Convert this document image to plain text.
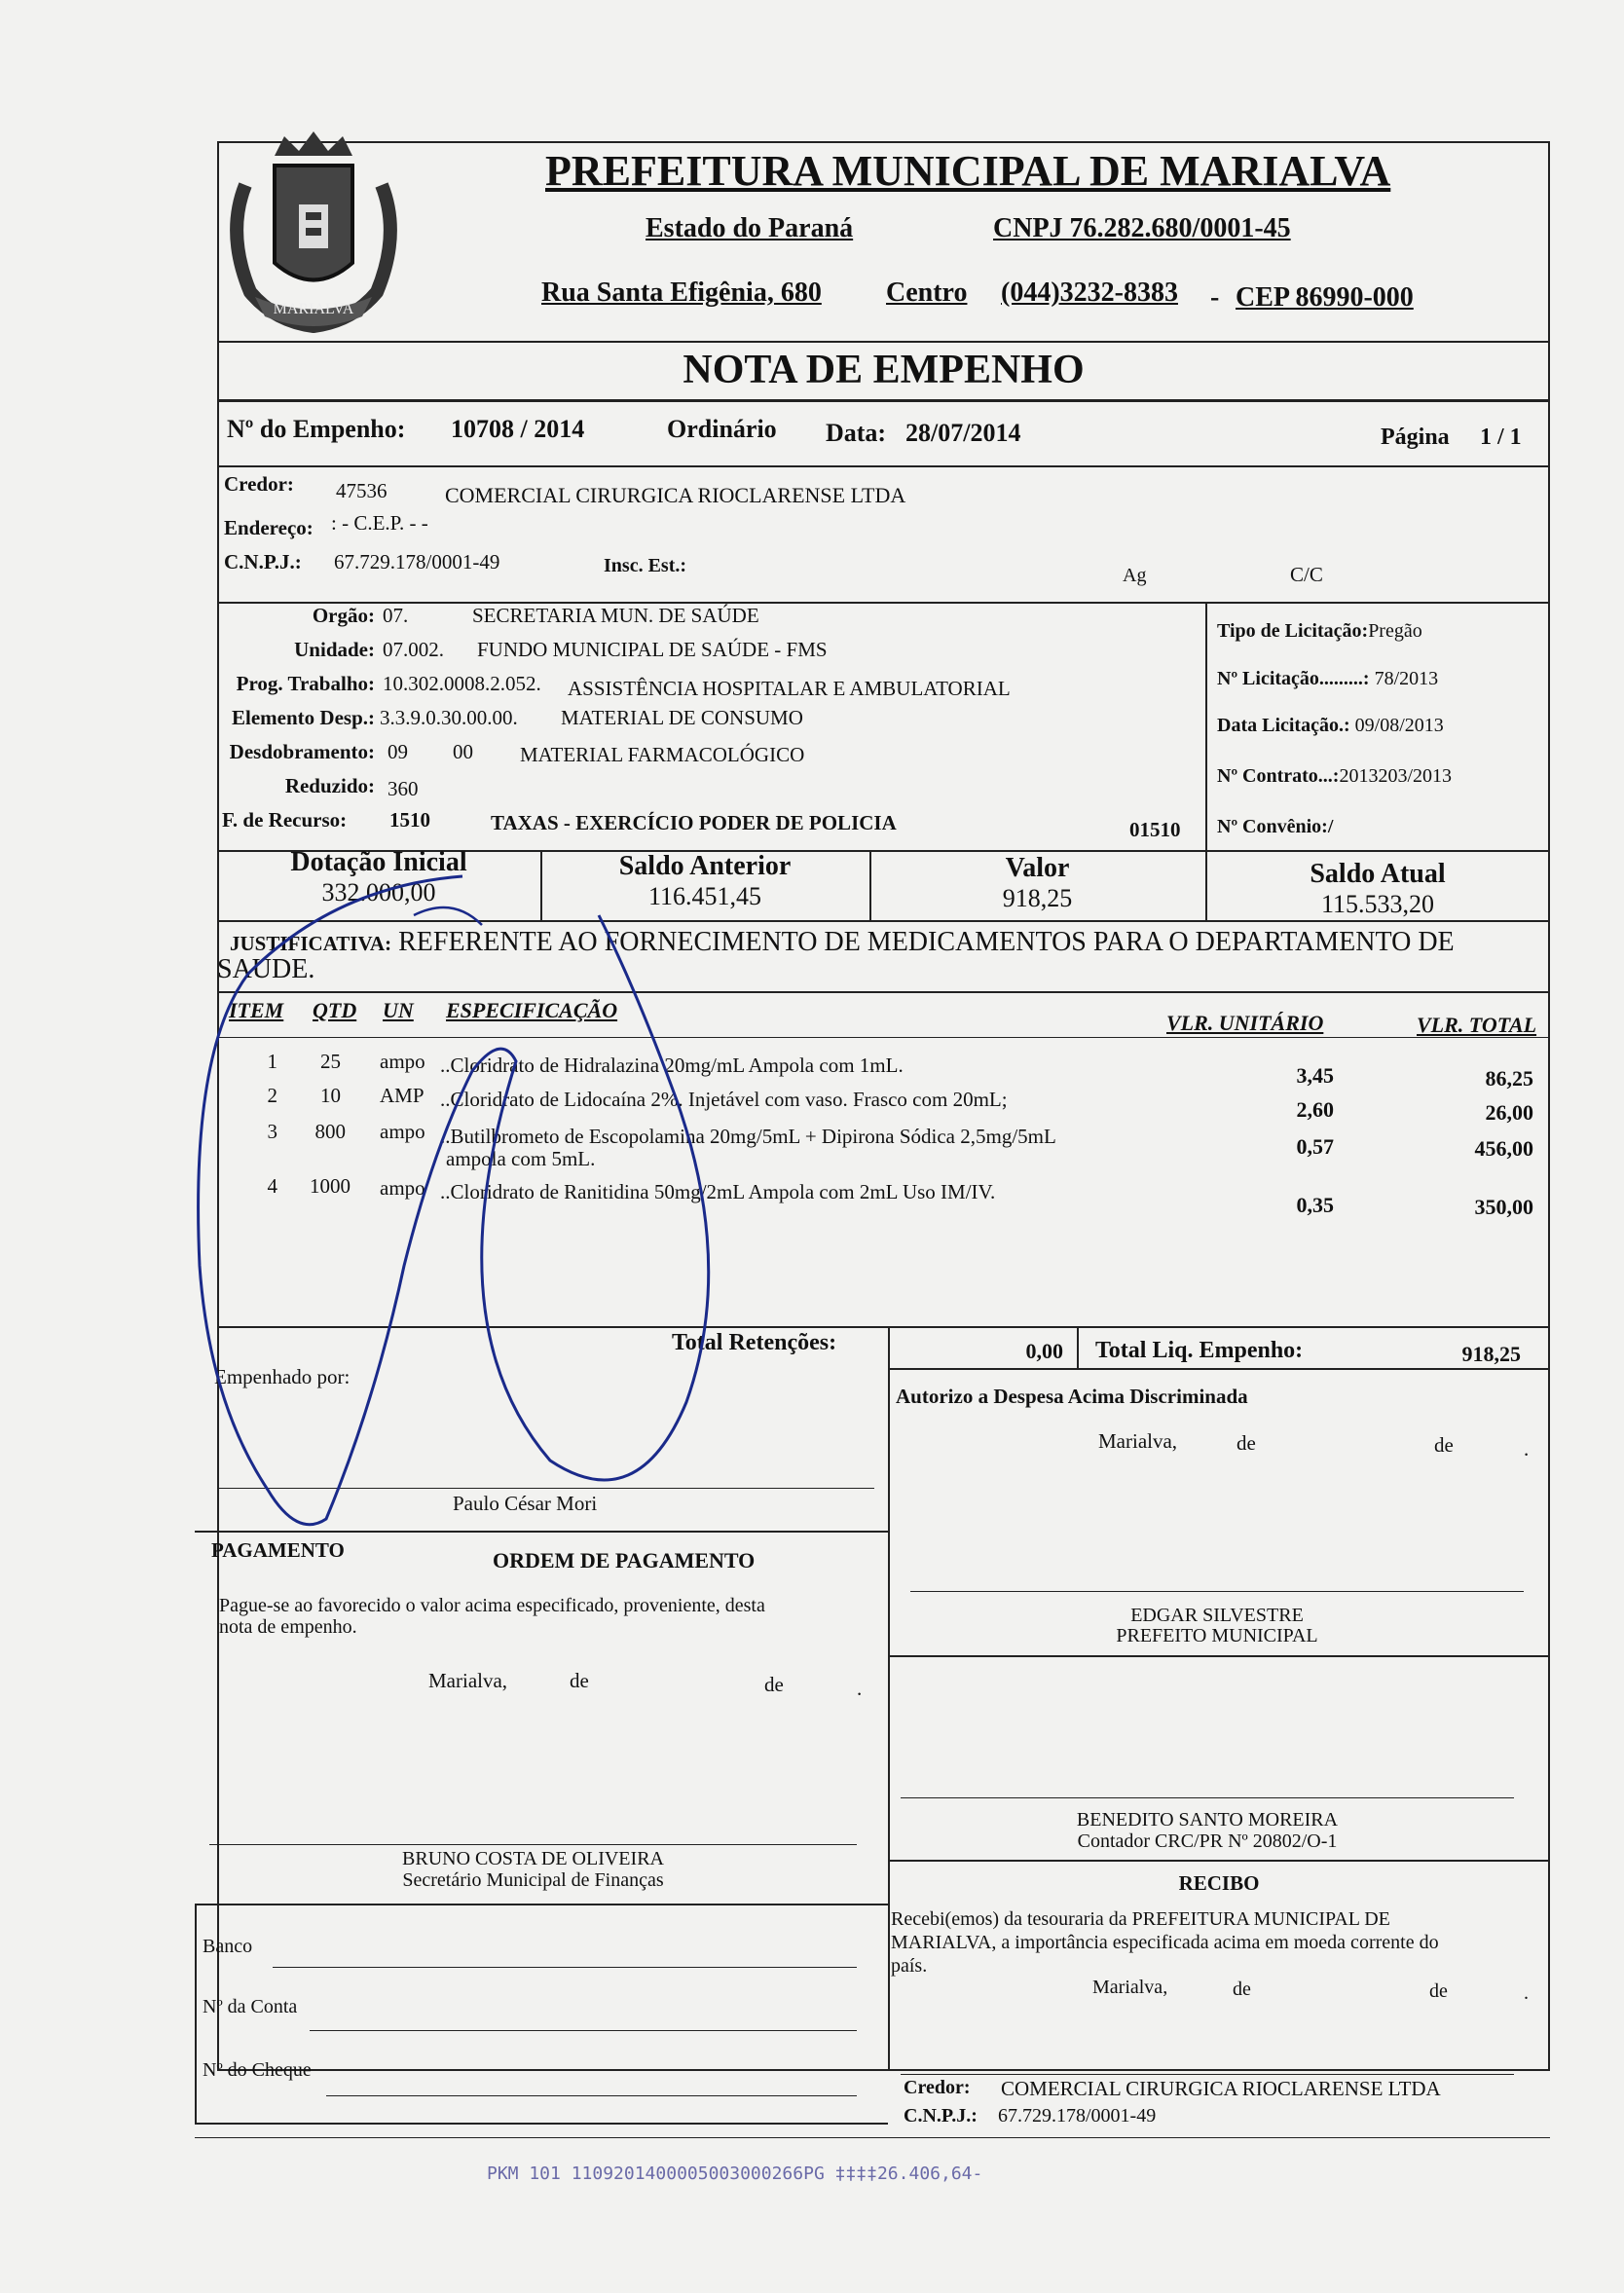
MARIALVA
PREFEITURA MUNICIPAL DE MARIALVA
Estado do Paraná	CNPJ 76.282.680/0001-45
Rua Santa Efigênia, 680 Centro (044)3232-8383 - CEP 86990-000
NOTA DE EMPENHO
Nº do Empenho: 10708 / 2014	Ordinário Data: 28/07/2014	Página 1 / 1
Credor: 47536	COMERCIAL CIRURGICA RIOCLARENSE LTDA
Endereço: : - C.E.P. - -
C.N.P.J.: 67.729.178/0001-49	Insc. Est.:	Ag	C/C
Orgão: 07.	SECRETARIA MUN. DE SAÚDE
Unidade: 07.002. FUNDO MUNICIPAL DE SAÚDE - FMS
Prog. Trabalho: 10.302.0008.2.052. ASSISTÊNCIA HOSPITALAR E AMBULATORIAL
Elemento Desp.: 3.3.9.0.30.00.00. MATERIAL DE CONSUMO
Desdobramento: 09 00 MATERIAL FARMACOLÓGICO
Reduzido: 360
F. de Recurso: 1510	TAXAS - EXERCÍCIO PODER DE POLICIA	01510
Tipo de Licitação:Pregão
Nº Licitação.........: 78/2013
Data Licitação.: 09/08/2013
Nº Contrato...:2013203/2013
Nº Convênio:/
Dotação Inicial
332.000,00
Saldo Anterior
116.451,45
Valor
918,25
Saldo Atual
115.533,20
JUSTIFICATIVA: REFERENTE AO FORNECIMENTO DE MEDICAMENTOS PARA O DEPARTAMENTO DE
SAUDE.
ITEM QTD UN ESPECIFICAÇÃO
VLR. UNITÁRIO	VLR. TOTAL
1	25 ampo ..Cloridrato de Hidralazina 20mg/mL Ampola com 1mL.	3,45	86,25
2	10 AMP ..Cloridrato de Lidocaína 2%. Injetável com vaso. Frasco com 20mL;	2,60	26,00
3	800 ampo ..Butilbrometo de Escopolamina 20mg/5mL + Dipirona Sódica 2,5mg/5mL
ampola com 5mL.	0,57	456,00
4	1000 ampo ..Cloridrato de Ranitidina 50mg/2mL Ampola com 2mL Uso IM/IV.
0,35	350,00
Total Retenções:	0,00 Total Liq. Empenho:	918,25
Empenhado por:
Paulo César Mori
PAGAMENTO	ORDEM DE PAGAMENTO
Pague-se ao favorecido o valor acima especificado, proveniente, desta
nota de empenho.
Marialva,	de	de	.
BRUNO COSTA DE OLIVEIRA
Secretário Municipal de Finanças
Banco
Nº da Conta
Nº do Cheque
Autorizo a Despesa Acima Discriminada
Marialva,	de	de	.
EDGAR SILVESTRE
PREFEITO MUNICIPAL
BENEDITO SANTO MOREIRA
Contador CRC/PR Nº 20802/O-1
RECIBO
Recebi(emos) da tesouraria da PREFEITURA MUNICIPAL DE
MARIALVA, a importância especificada acima em moeda corrente do
país.
Marialva,	de	de	.
Credor: COMERCIAL CIRURGICA RIOCLARENSE LTDA
C.N.P.J.: 67.729.178/0001-49
PKM 101 1109201400005003000266PG ‡‡‡‡26.406,64-
